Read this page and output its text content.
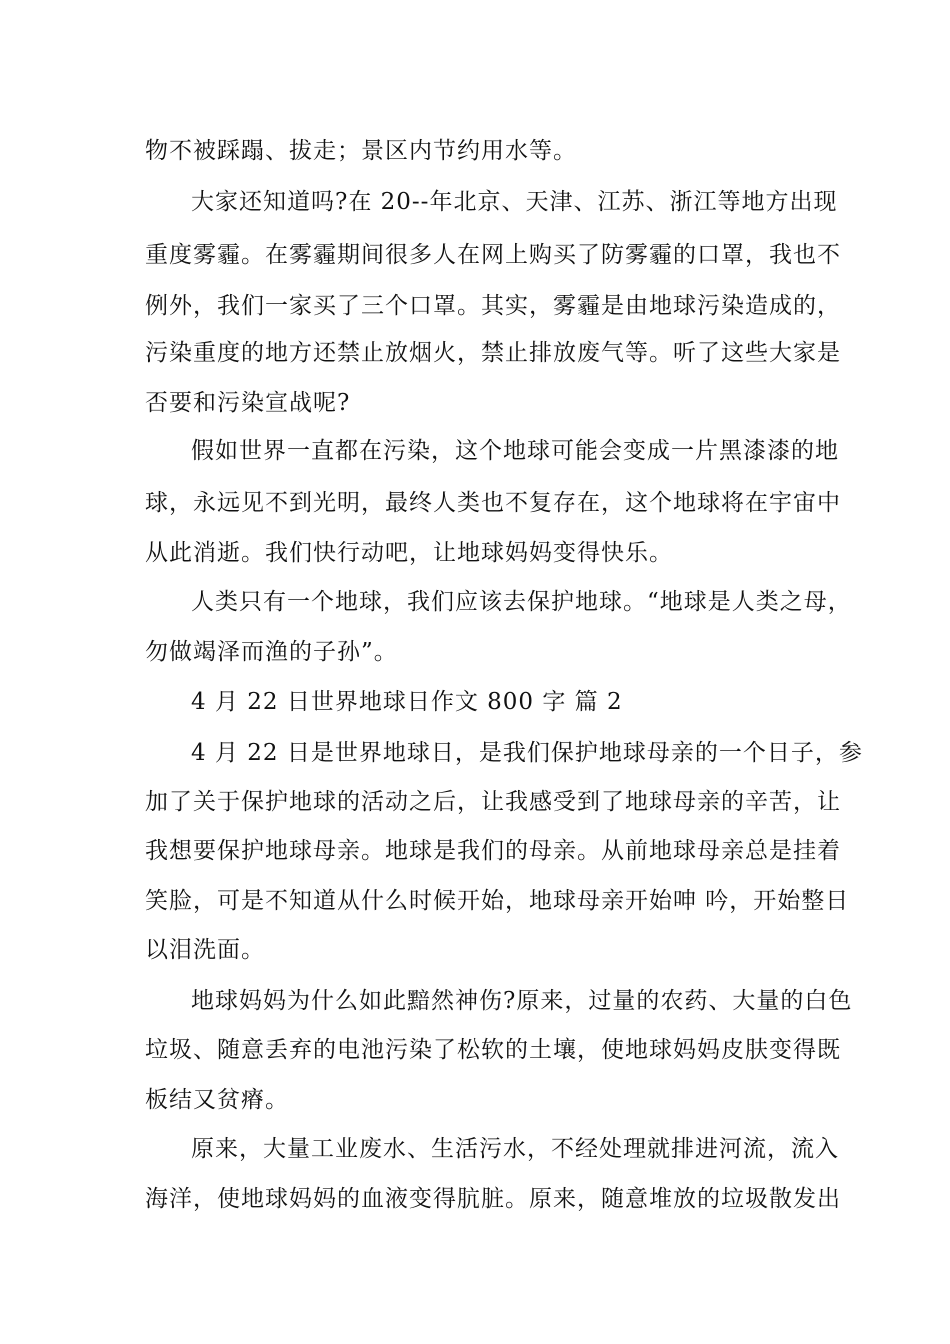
物不被踩蹋、拔走；景区内节约用水等。
大家还知道吗?在 20--年北京、天津、江苏、浙江等地方出现
重度雾霾。在雾霾期间很多人在网上购买了防雾霾的口罩，我也不
例外，我们一家买了三个口罩。其实，雾霾是由地球污染造成的，
污染重度的地方还禁止放烟火，禁止排放废气等。听了这些大家是
否要和污染宣战呢?
假如世界一直都在污染，这个地球可能会变成一片黑漆漆的地
球，永远见不到光明，最终人类也不复存在，这个地球将在宇宙中
从此消逝。我们快行动吧，让地球妈妈变得快乐。
人类只有一个地球，我们应该去保护地球。“地球是人类之母，
勿做竭泽而渔的子孙”。
4 月 22 日世界地球日作文 800 字 篇 2
4 月 22 日是世界地球日，是我们保护地球母亲的一个日子，参
加了关于保护地球的活动之后，让我感受到了地球母亲的辛苦，让
我想要保护地球母亲。地球是我们的母亲。从前地球母亲总是挂着
笑脸，可是不知道从什么时候开始，地球母亲开始呻 吟，开始整日
以泪洗面。
地球妈妈为什么如此黯然神伤?原来，过量的农药、大量的白色
垃圾、随意丢弃的电池污染了松软的土壤，使地球妈妈皮肤变得既
板结又贫瘠。
原来，大量工业废水、生活污水，不经处理就排进河流，流入
海洋，使地球妈妈的血液变得肮脏。原来，随意堆放的垃圾散发出
